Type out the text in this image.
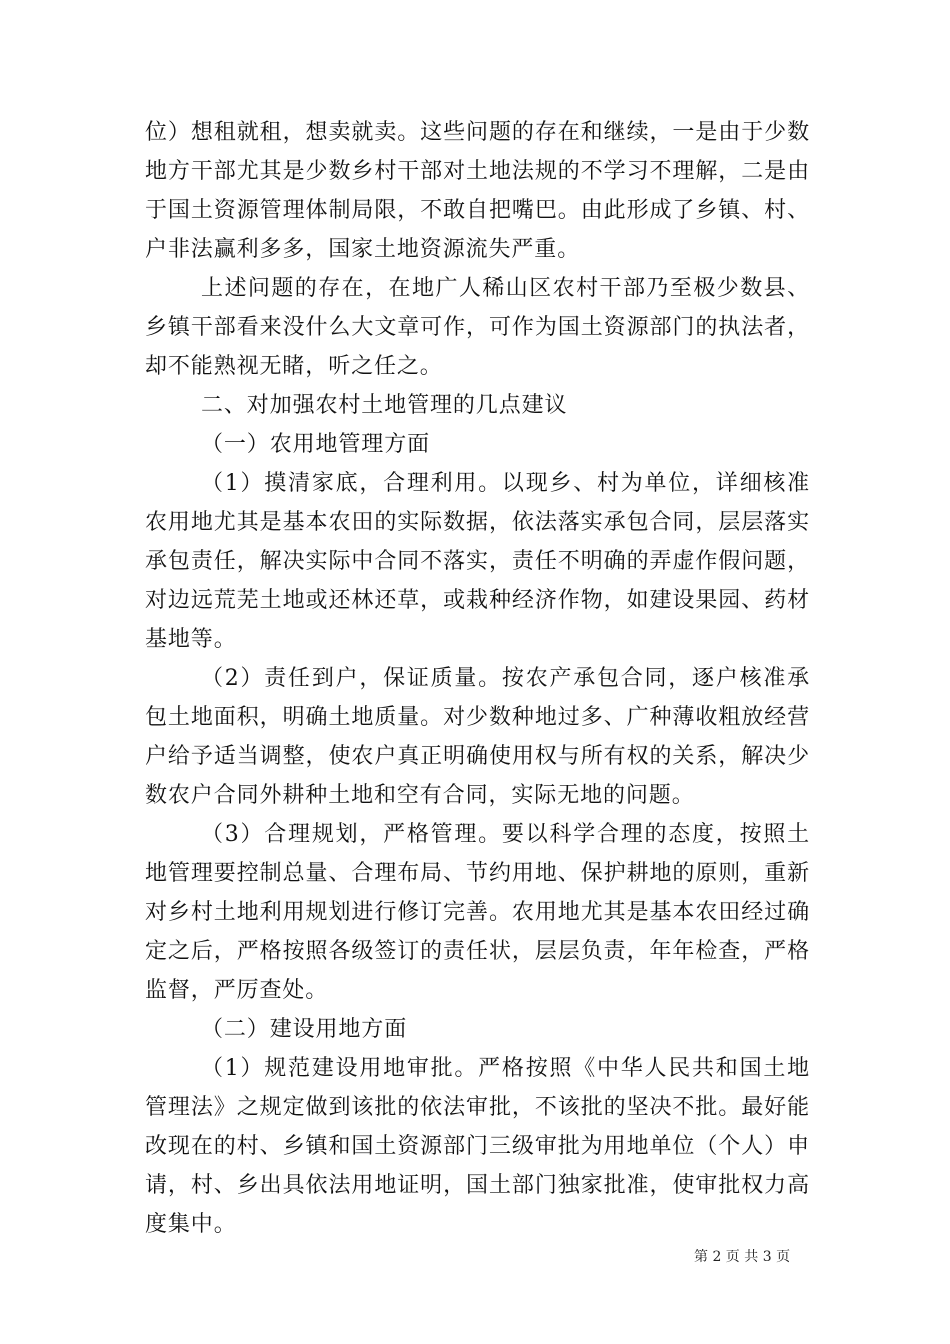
位）想租就租，想卖就卖。这些问题的存在和继续，一是由于少数地方干部尤其是少数乡村干部对土地法规的不学习不理解，二是由于国土资源管理体制局限，不敢自把嘴巴。由此形成了乡镇、村、户非法赢利多多，国家土地资源流失严重。

上述问题的存在，在地广人稀山区农村干部乃至极少数县、乡镇干部看来没什么大文章可作，可作为国土资源部门的执法者，却不能熟视无睹，听之任之。

二、对加强农村土地管理的几点建议

（一）农用地管理方面

（1）摸清家底，合理利用。以现乡、村为单位，详细核准农用地尤其是基本农田的实际数据，依法落实承包合同，层层落实承包责任，解决实际中合同不落实，责任不明确的弄虚作假问题，对边远荒芜土地或还林还草，或栽种经济作物，如建设果园、药材基地等。

（2）责任到户，保证质量。按农产承包合同，逐户核准承包土地面积，明确土地质量。对少数种地过多、广种薄收粗放经营户给予适当调整，使农户真正明确使用权与所有权的关系，解决少数农户合同外耕种土地和空有合同，实际无地的问题。

（3）合理规划，严格管理。要以科学合理的态度，按照土地管理要控制总量、合理布局、节约用地、保护耕地的原则，重新对乡村土地利用规划进行修订完善。农用地尤其是基本农田经过确定之后，严格按照各级签订的责任状，层层负责，年年检查，严格监督，严厉查处。

（二）建设用地方面

（1）规范建设用地审批。严格按照《中华人民共和国土地管理法》之规定做到该批的依法审批，不该批的坚决不批。最好能改现在的村、乡镇和国土资源部门三级审批为用地单位（个人）申请，村、乡出具依法用地证明，国土部门独家批准，使审批权力高度集中。

第 2 页 共 3 页
